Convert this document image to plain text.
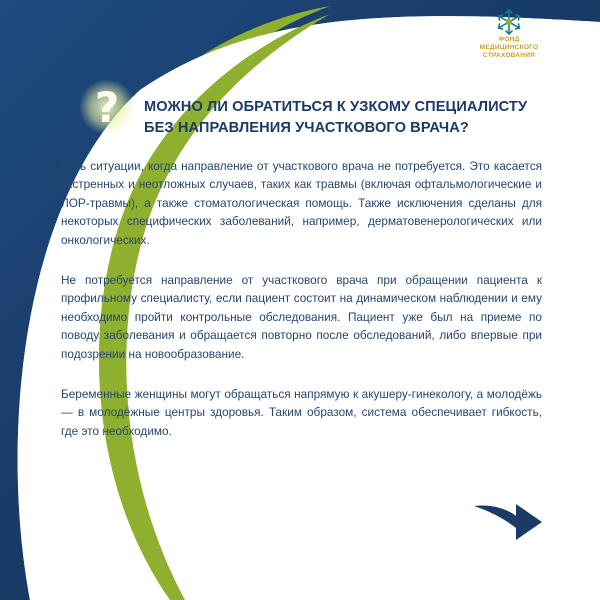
ФОНД
МЕДИЦИНСКОГО
СТРАХОВАНИЯ
? МОЖНО ЛИ ОБРАТИТЬСЯ К УЗКОМУ СПЕЦИАЛИСТУ
БЕЗ НАПРАВЛЕНИЯ УЧАСТКОВОГО ВРАЧА?

Есть ситуации, когда направление от участкового врача не потребуется. Это касается экстренных и неотложных случаев, таких как травмы (включая офтальмологические и ЛОР-травмы), а также стоматологическая помощь. Также исключения сделаны для некоторых специфических заболеваний, например, дерматовенерологических или онкологических.

Не потребуется направление от участкового врача при обращении пациента к профильному специалисту, если пациент состоит на динамическом наблюдении и ему необходимо пройти контрольные обследования. Пациент уже был на приеме по поводу заболевания и обращается повторно после обследований, либо впервые при подозрении на новообразование.

Беременные женщины могут обращаться напрямую к акушеру-гинекологу, а молодёжь — в молодёжные центры здоровья. Таким образом, система обеспечивает гибкость, где это необходимо.
